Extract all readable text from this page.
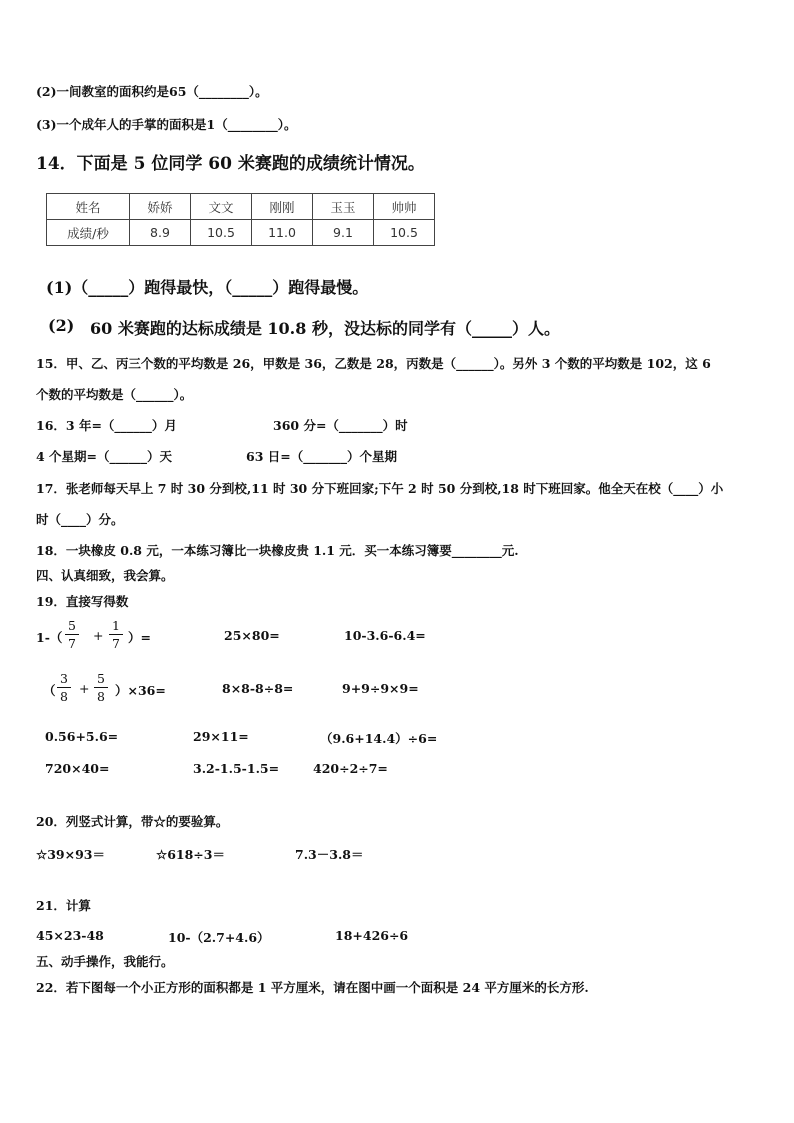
(2)一间教室的面积约是65（________）。
(3)一个成年人的手掌的面积是1（________）。
14．下面是 5 位同学 60 米赛跑的成绩统计情况。
姓名	娇娇	文文	刚刚	玉玉	帅帅
成绩/秒	8.9	10.5	11.0	9.1	10.5
(1)（_____）跑得最快，（_____）跑得最慢。
(2) 60 米赛跑的达标成绩是 10.8 秒，没达标的同学有（_____）人。
15．甲、乙、丙三个数的平均数是 26，甲数是 36，乙数是 28，丙数是（______）。另外 3 个数的平均数是 102，这 6
个数的平均数是（______）。
16．3 年=（______）月	360 分=（_______）时
4 个星期=（______）天	63 日=（_______）个星期
17．张老师每天早上 7 时 30 分到校,11 时 30 分下班回家;下午 2 时 50 分到校,18 时下班回家。他全天在校（____）小
时（____）分。
18．一块橡皮 0.8 元，一本练习簿比一块橡皮贵 1.1 元．买一本练习簿要________元.
四、认真细致，我会算。
19．直接写得数
1-（
5
7
+
1
7 ）=	25×80=	10-3.6-6.4=
（
3
8
+
5
8 ）×36=	8×8-8÷8=	9+9÷9×9=
0.56+5.6=	29×11=	（9.6+14.4）÷6=
720×40=	3.2-1.5-1.5=	420÷2÷7=
20．列竖式计算，带☆的要验算。
☆39×93＝	☆618÷3＝	7.3－3.8＝
21．计算
45×23-48	10-（2.7+4.6）	18+426÷6
五、动手操作，我能行。
22．若下图每一个小正方形的面积都是 1 平方厘米，请在图中画一个面积是 24 平方厘米的长方形.
